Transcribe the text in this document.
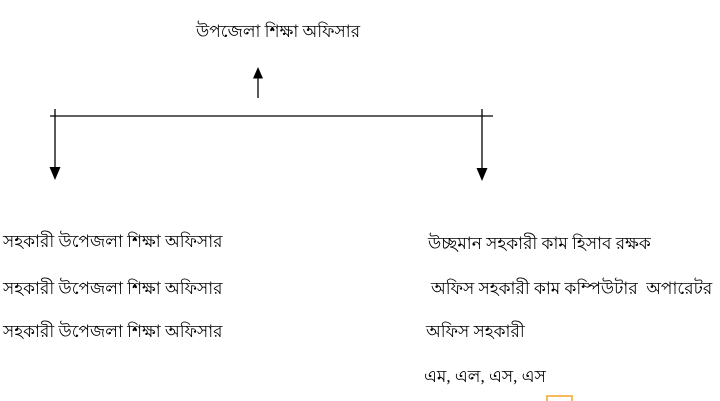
উপজেলা শিক্ষা অফিসার
সহকারী উপেজলা শিক্ষা অফিসার
সহকারী উপেজলা শিক্ষা অফিসার
সহকারী উপেজলা শিক্ষা অফিসার
উচ্ছমান সহকারী কাম হিসাব রক্ষক
অফিস সহকারী কাম কম্পিউটার  অপারেটর
অফিস সহকারী
এম, এল, এস, এস
